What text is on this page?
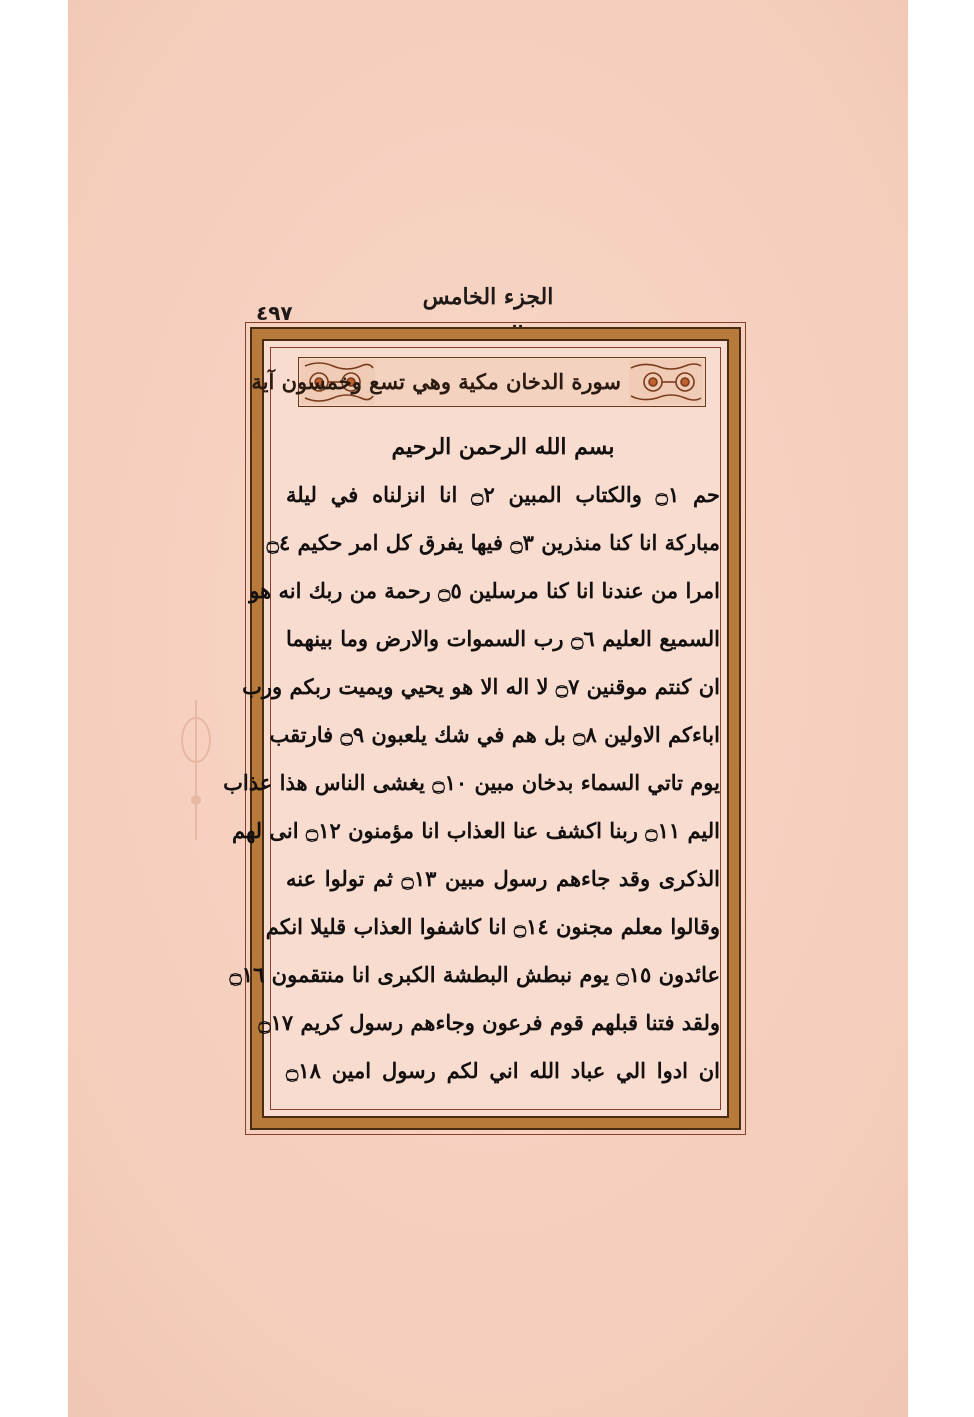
الجزء الخامس
٤٩٧
سورة الدخان مكية وهي تسع وخمسون آية
بسم الله الرحمن الرحيم
حم ۝١ والكتاب المبين ۝٢ انا انزلناه في ليلة
مباركة انا كنا منذرين ۝٣ فيها يفرق كل امر حكيم ۝٤
امرا من عندنا انا كنا مرسلين ۝٥ رحمة من ربك انه هو
السميع العليم ۝٦ رب السموات والارض وما بينهما
ان كنتم موقنين ۝٧ لا اله الا هو يحيي ويميت ربكم ورب
اباءكم الاولين ۝٨ بل هم في شك يلعبون ۝٩ فارتقب
يوم تاتي السماء بدخان مبين ۝١٠ يغشى الناس هذا عذاب
اليم ۝١١ ربنا اكشف عنا العذاب انا مؤمنون ۝١٢ انى لهم
الذكرى وقد جاءهم رسول مبين ۝١٣ ثم تولوا عنه
وقالوا معلم مجنون ۝١٤ انا كاشفوا العذاب قليلا انكم
عائدون ۝١٥ يوم نبطش البطشة الكبرى انا منتقمون ۝١٦
ولقد فتنا قبلهم قوم فرعون وجاءهم رسول كريم ۝١٧
ان ادوا الي عباد الله اني لكم رسول امين ۝١٨
